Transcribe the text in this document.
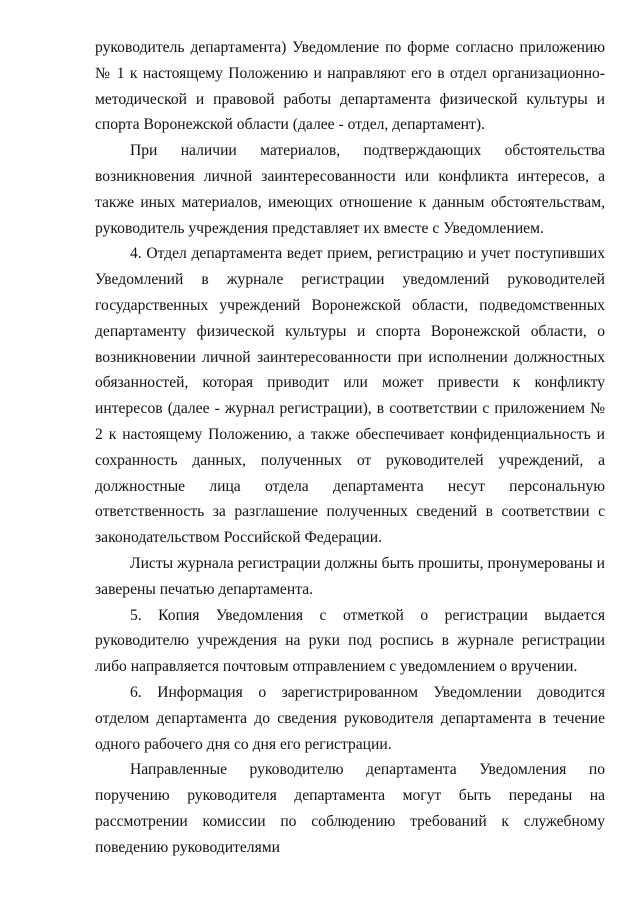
руководитель департамента) Уведомление по форме согласно приложению № 1 к настоящему Положению и направляют его в отдел организационно-методической и правовой работы департамента физической культуры и спорта Воронежской области (далее - отдел, департамент).

При наличии материалов, подтверждающих обстоятельства возникновения личной заинтересованности или конфликта интересов, а также иных материалов, имеющих отношение к данным обстоятельствам, руководитель учреждения представляет их вместе с Уведомлением.

4. Отдел департамента ведет прием, регистрацию и учет поступивших Уведомлений в журнале регистрации уведомлений руководителей государственных учреждений Воронежской области, подведомственных департаменту физической культуры и спорта Воронежской области, о возникновении личной заинтересованности при исполнении должностных обязанностей, которая приводит или может привести к конфликту интересов (далее - журнал регистрации), в соответствии с приложением № 2 к настоящему Положению, а также обеспечивает конфиденциальность и сохранность данных, полученных от руководителей учреждений, а должностные лица отдела департамента несут персональную ответственность за разглашение полученных сведений в соответствии с законодательством Российской Федерации.

Листы журнала регистрации должны быть прошиты, пронумерованы и заверены печатью департамента.

5. Копия Уведомления с отметкой о регистрации выдается руководителю учреждения на руки под роспись в журнале регистрации либо направляется почтовым отправлением с уведомлением о вручении.

6. Информация о зарегистрированном Уведомлении доводится отделом департамента до сведения руководителя департамента в течение одного рабочего дня со дня его регистрации.

Направленные руководителю департамента Уведомления по поручению руководителя департамента могут быть переданы на рассмотрении комиссии по соблюдению требований к служебному поведению руководителями
